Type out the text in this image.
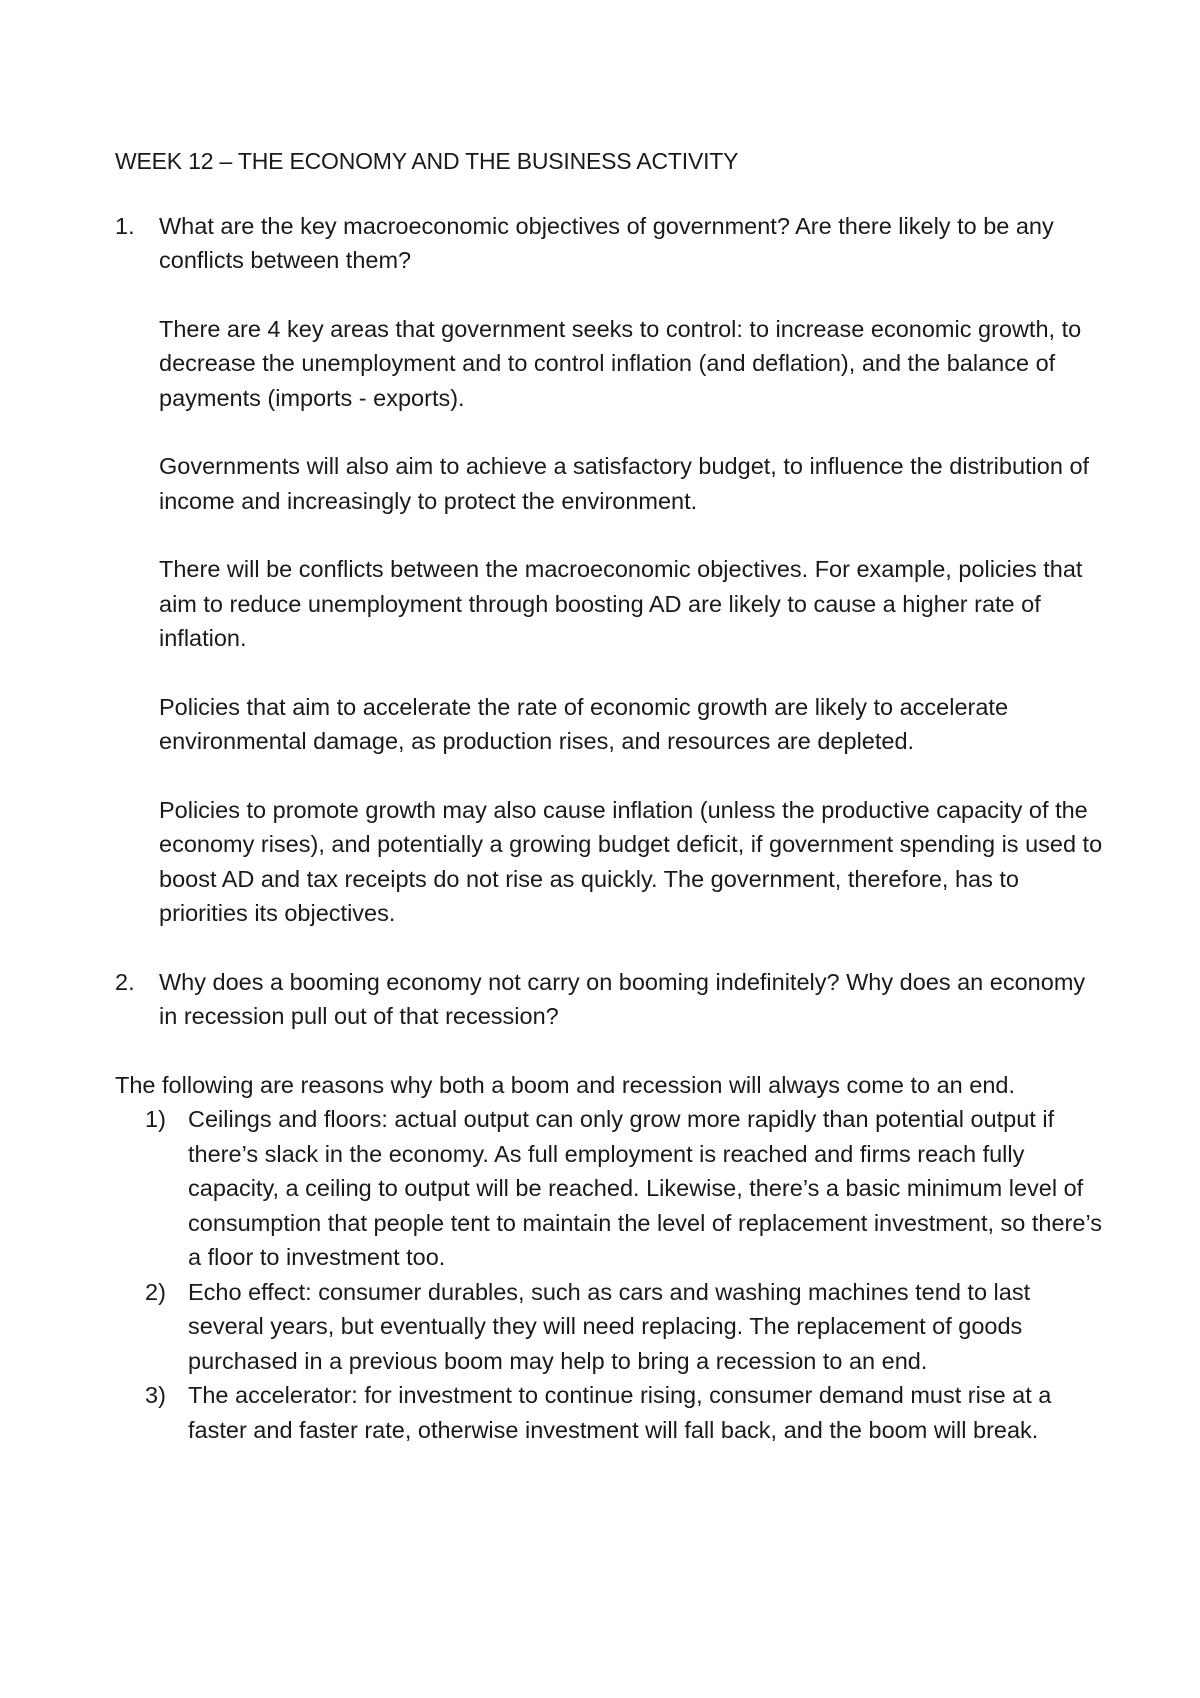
WEEK 12 – THE ECONOMY AND THE BUSINESS ACTIVITY

1. What are the key macroeconomic objectives of government? Are there likely to be any conflicts between them?

There are 4 key areas that government seeks to control: to increase economic growth, to decrease the unemployment and to control inflation (and deflation), and the balance of payments (imports - exports).

Governments will also aim to achieve a satisfactory budget, to influence the distribution of income and increasingly to protect the environment.

There will be conflicts between the macroeconomic objectives. For example, policies that aim to reduce unemployment through boosting AD are likely to cause a higher rate of inflation.

Policies that aim to accelerate the rate of economic growth are likely to accelerate environmental damage, as production rises, and resources are depleted.

Policies to promote growth may also cause inflation (unless the productive capacity of the economy rises), and potentially a growing budget deficit, if government spending is used to boost AD and tax receipts do not rise as quickly. The government, therefore, has to priorities its objectives.

2. Why does a booming economy not carry on booming indefinitely? Why does an economy in recession pull out of that recession?

The following are reasons why both a boom and recession will always come to an end.

1) Ceilings and floors: actual output can only grow more rapidly than potential output if there’s slack in the economy. As full employment is reached and firms reach fully capacity, a ceiling to output will be reached. Likewise, there’s a basic minimum level of consumption that people tent to maintain the level of replacement investment, so there’s a floor to investment too.
2) Echo effect: consumer durables, such as cars and washing machines tend to last several years, but eventually they will need replacing. The replacement of goods purchased in a previous boom may help to bring a recession to an end.
3) The accelerator: for investment to continue rising, consumer demand must rise at a faster and faster rate, otherwise investment will fall back, and the boom will break.
